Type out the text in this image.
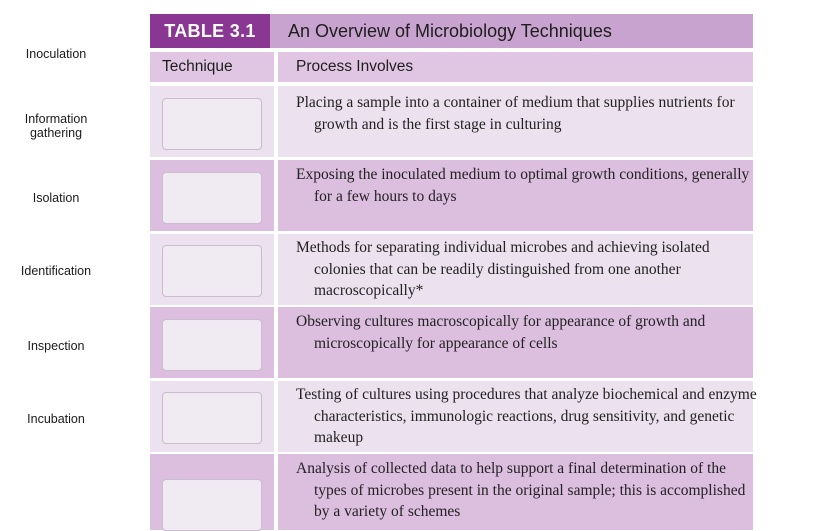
Inoculation
Information
gathering
Isolation
Identification
Inspection
Incubation
TABLE 3.1	An Overview of Microbiology Techniques
Technique	Process Involves
Placing a sample into a container of medium that supplies nutrients for growth and is the first stage in culturing
Exposing the inoculated medium to optimal growth conditions, generally for a few hours to days
Methods for separating individual microbes and achieving isolated colonies that can be readily distinguished from one another macroscopically*
Observing cultures macroscopically for appearance of growth and microscopically for appearance of cells
Testing of cultures using procedures that analyze biochemical and enzyme characteristics, immunologic reactions, drug sensitivity, and genetic makeup
Analysis of collected data to help support a final determination of the types of microbes present in the original sample; this is accomplished by a variety of schemes
